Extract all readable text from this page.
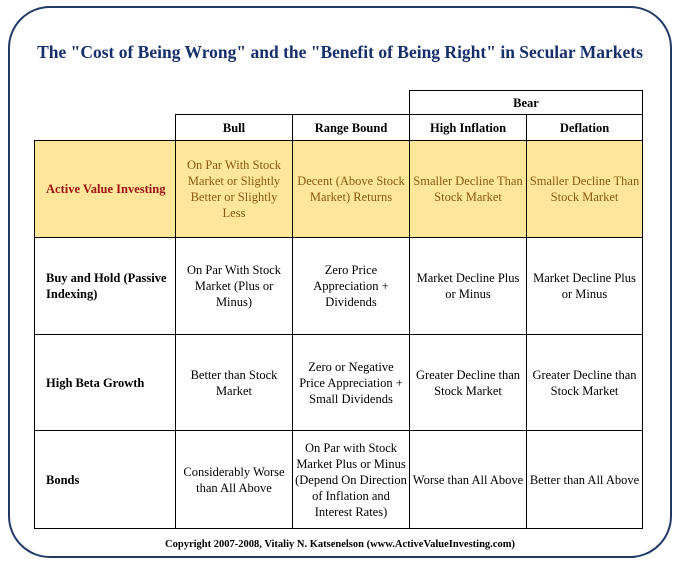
The "Cost of Being Wrong" and the "Benefit of Being Right" in Secular Markets
			Bear	
	Bull	Range Bound	High Inflation	Deflation
Active Value Investing	On Par With Stock Market or Slightly Better or Slightly Less	Decent (Above Stock Market) Returns	Smaller Decline Than Stock Market	Smaller Decline Than Stock Market
Buy and Hold (Passive Indexing)	On Par With Stock Market (Plus or Minus)	Zero Price Appreciation + Dividends	Market Decline Plus or Minus	Market Decline Plus or Minus
High Beta Growth	Better than Stock Market	Zero or Negative Price Appreciation + Small Dividends	Greater Decline than Stock Market	Greater Decline than Stock Market
Bonds	Considerably Worse than All Above	On Par with Stock Market Plus or Minus (Depend On Direction of Inflation and Interest Rates)	Worse than All Above	Better than All Above
Copyright 2007-2008, Vitaliy N. Katsenelson (www.ActiveValueInvesting.com)
